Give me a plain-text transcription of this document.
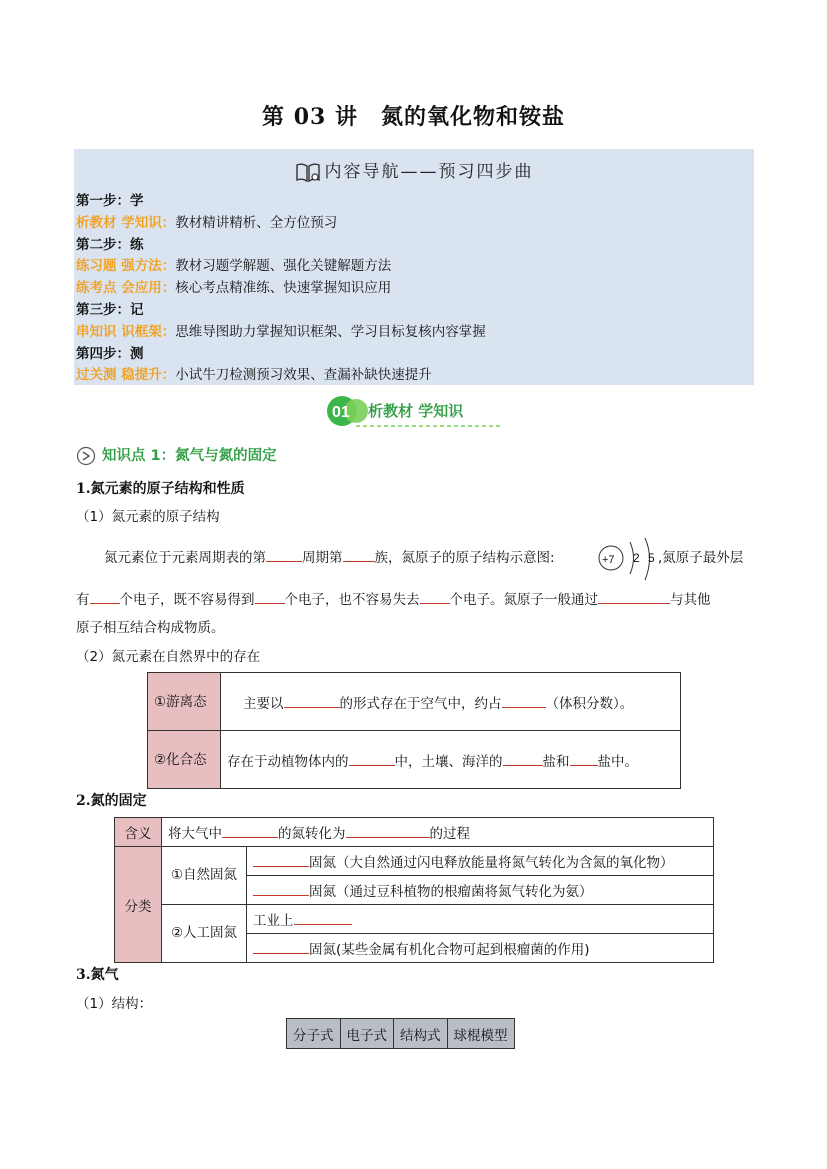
第 03 讲　氮的氧化物和铵盐
内容导航——预习四步曲
第一步：学
析教材 学知识：教材精讲精析、全方位预习
第二步：练
练习题 强方法：教材习题学解题、强化关键解题方法
练考点 会应用：核心考点精准练、快速掌握知识应用
第三步：记
串知识 识框架：思维导图助力掌握知识框架、学习目标复核内容掌握
第四步：测
过关测 稳提升：小试牛刀检测预习效果、查漏补缺快速提升
01 析教材 学知识
知识点 1：氮气与氮的固定
1.氮元素的原子结构和性质
（1）氮元素的原子结构
氮元素位于元素周期表的第	周期第 族，氮原子的原子结构示意图:	+7 2 5 ,氮原子最外层
有 个电子，既不容易得到 个电子，也不容易失去 个电子。氮原子一般通过	与其他
原子相互结合构成物质。
（2）氮元素在自然界中的存在
①游离态	主要以 的形式存在于空气中，约占 （体积分数）。
②化合态	存在于动植物体内的 中，土壤、海洋的 盐和 盐中。
2.氮的固定
含义	将大气中 的氮转化为 的过程	
分类	①自然固氮	固氮（大自然通过闪电释放能量将氮气转化为含氮的氧化物）
		固氮（通过豆科植物的根瘤菌将氮气转化为氨）
	②人工固氮	工业上
		固氮(某些金属有机化合物可起到根瘤菌的作用)
3.氮气
（1）结构：
分子式	电子式	结构式	球棍模型
